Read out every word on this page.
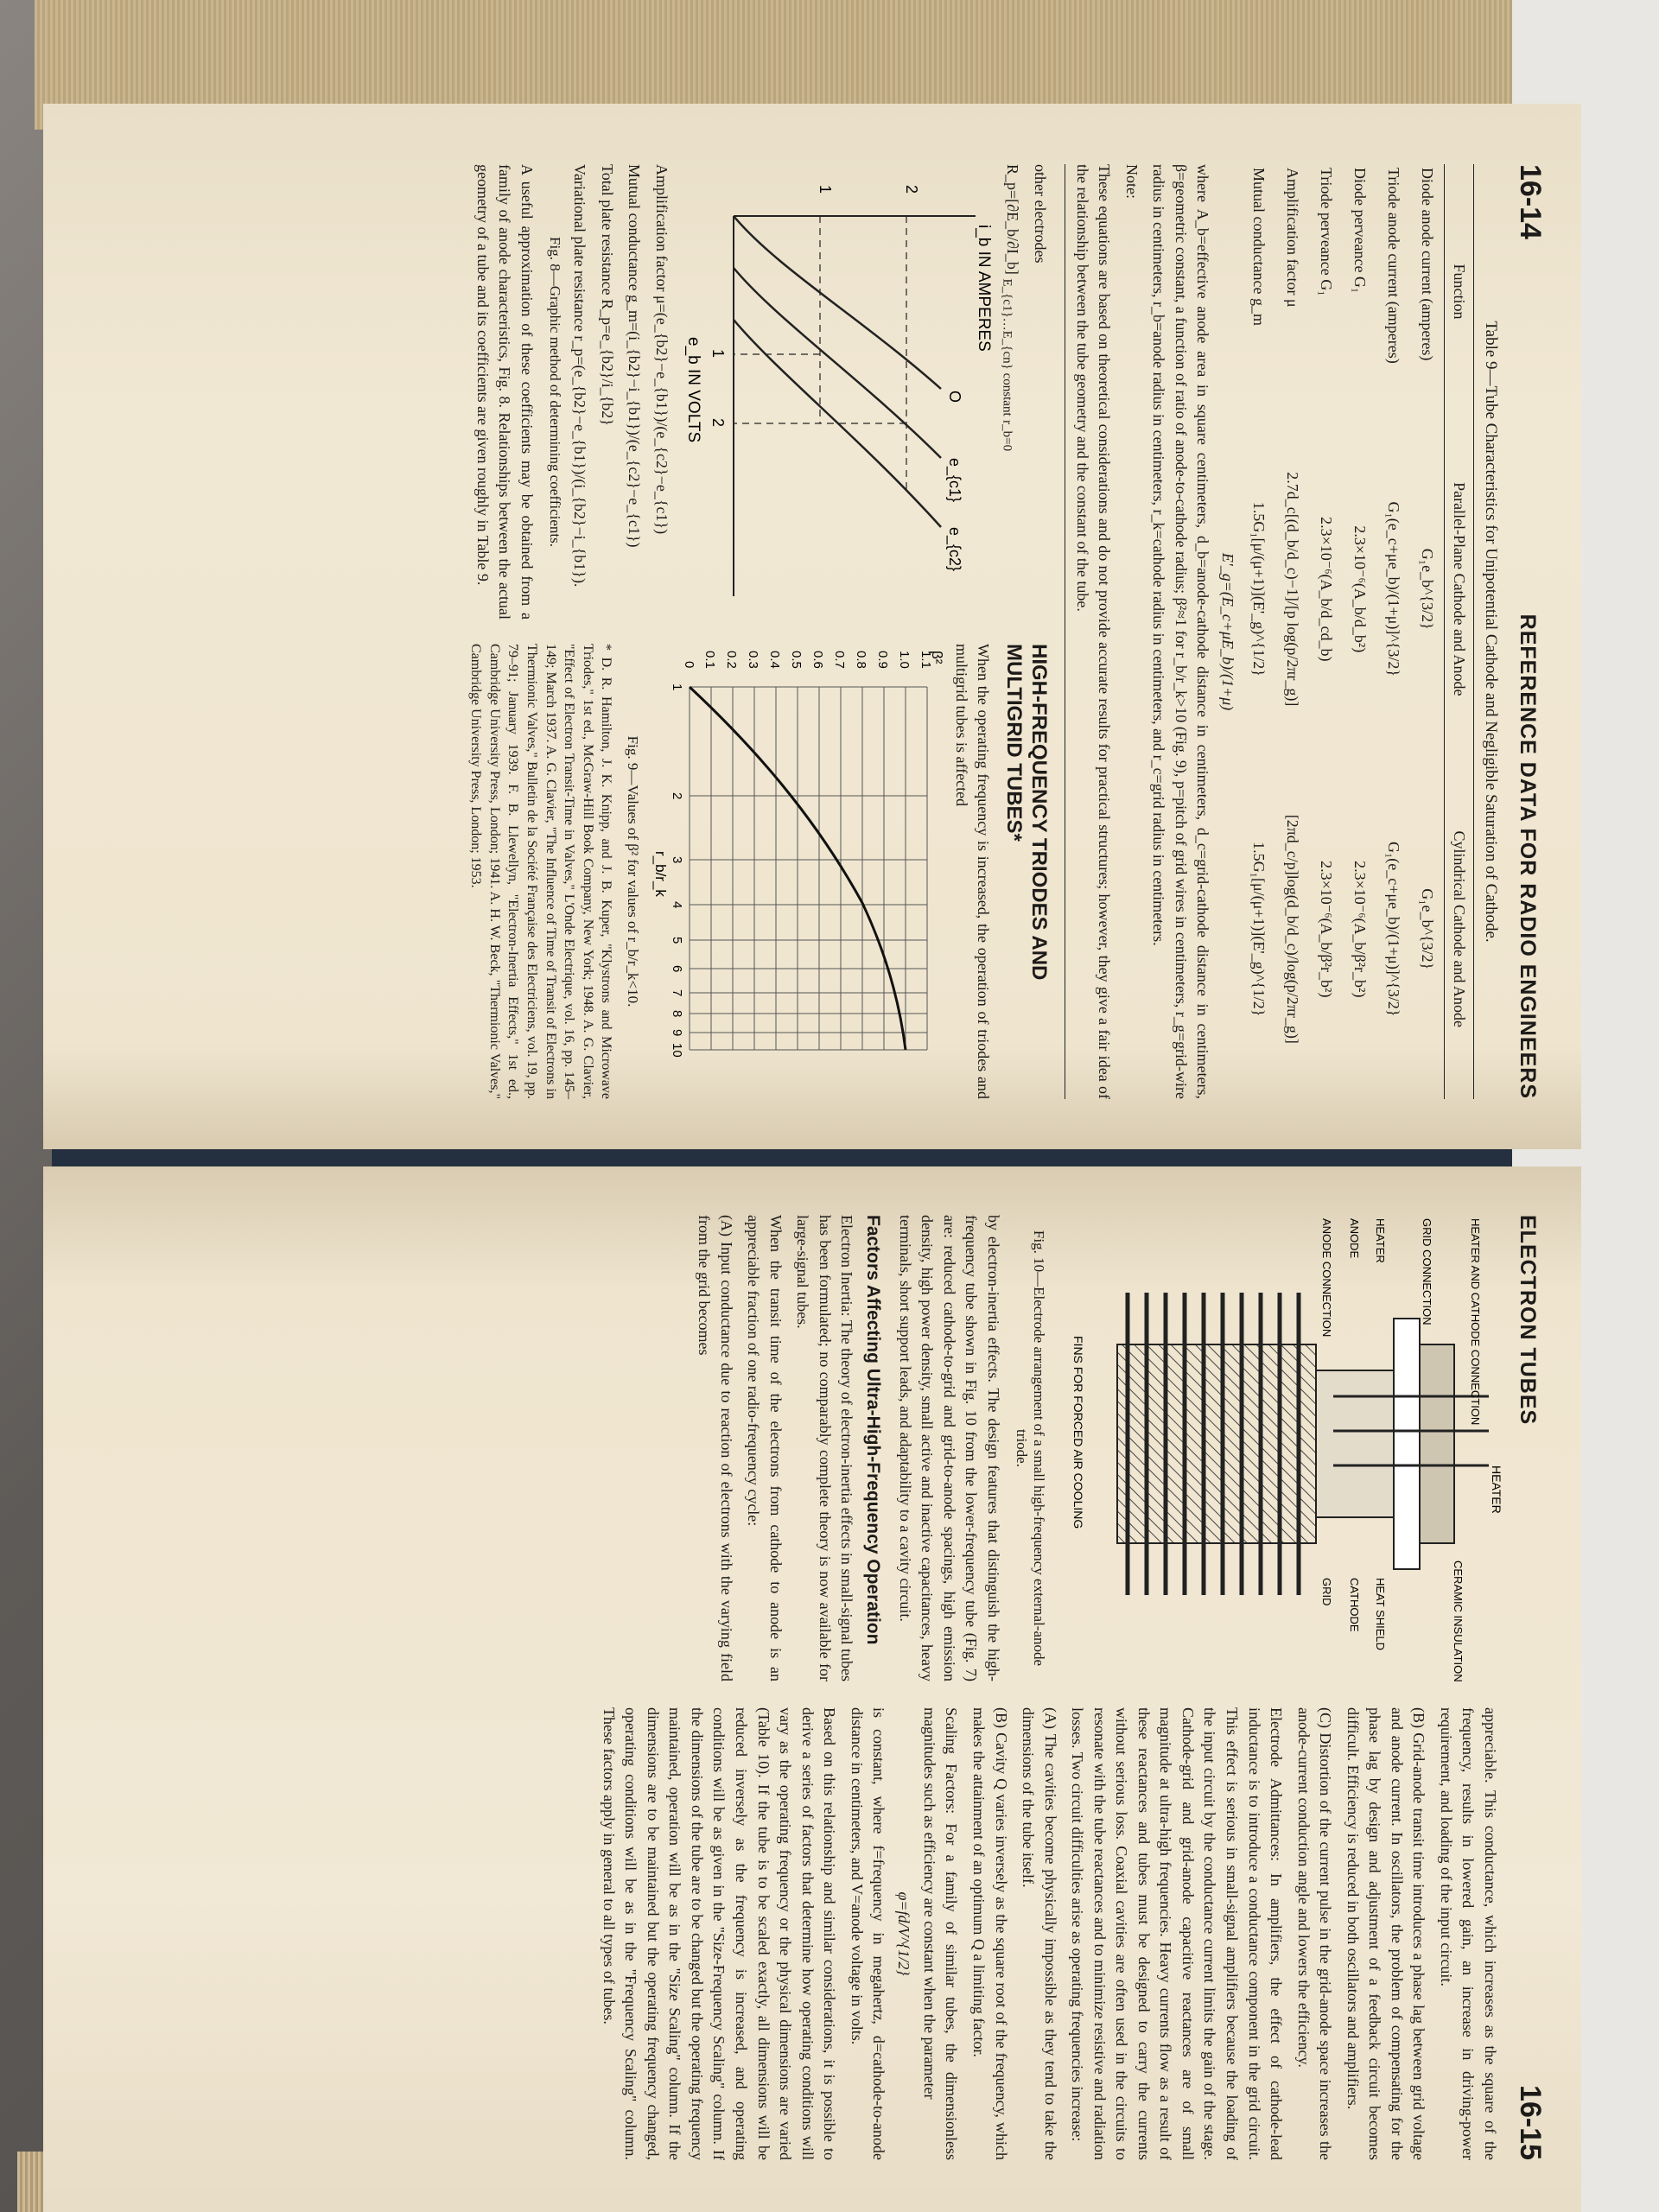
16-14
REFERENCE DATA FOR RADIO ENGINEERS
Table 9—Tube Characteristics for Unipotential Cathode and Negligible Saturation of Cathode.
Function	Parallel-Plane Cathode and Anode	Cylindrical Cathode and Anode
Diode anode current (amperes)	G₁e_b^{3/2}	G₁e_b^{3/2}
Triode anode current (amperes)	G₁(e_c+μe_b)/(1+μ)]^{3/2}	G₁(e_c+μe_b)/(1+μ)]^{3/2}
Diode perveance G₁	2.3×10⁻⁶(A_b/d_b²)	2.3×10⁻⁶(A_b/β²r_b²)
Triode perveance G₁	2.3×10⁻⁶(A_b/d_cd_b)	2.3×10⁻⁶(A_b/β²r_b²)
Amplification factor μ	2.7d_c[(d_b/d_c)−1]/[p log(p/2πr_g)]	[2πd_c/p]log(d_b/d_c)/log(p/2πr_g)]
Mutual conductance g_m	1.5G₁[μ/(μ+1)](E'_g)^{1/2}	1.5G₁[μ/(μ+1)](E'_g)^{1/2}
E'_g=(E_c+μE_b)/(1+μ)
where A_b=effective anode area in square centimeters, d_b=anode-cathode distance in centimeters, d_c=grid-cathode distance in centimeters, β=geometric constant, a function of ratio of anode-to-cathode radius; β²≈1 for r_b/r_k>10 (Fig. 9), p=pitch of grid wires in centimeters, r_g=grid-wire radius in centimeters, r_b=anode radius in centimeters, r_k=cathode radius in centimeters, and r_c=grid radius in centimeters.
Note:
These equations are based on theoretical considerations and do not provide accurate results for practical structures; however, they give a fair idea of the relationship between the tube geometry and the constant of the tube.
other electrodes
R_p=[∂E_b/∂I_b] $_{E\_\{c1\}\dots E\_\{cn\} constant}$ $_{r\_b=0}$
2
1
1
2
O
e_{c1}
e_{c2}
e_b IN VOLTS
i_b IN AMPERES
Amplification factor μ=(e_{b2}−e_{b1})/(e_{c2}−e_{c1})
Mutual conductance g_m=(i_{b2}−i_{b1})/(e_{c2}−e_{c1})
Total plate resistance R_p=e_{b2}/i_{b2}
Variational plate resistance r_p=(e_{b2}−e_{b1})/(i_{b2}−i_{b1}).
Fig. 8—Graphic method of determining coefficients.
A useful approximation of these coefficients may be obtained from a family of anode characteristics, Fig. 8. Relationships between the actual geometry of a tube and its coefficients are given roughly in Table 9.
HIGH-FREQUENCY TRIODES AND MULTIGRID TUBES*
When the operating frequency is increased, the operation of triodes and multigrid tubes is affected
1.1
1.0
0.9
0.8
0.7
0.6
0.5
0.4
0.3
0.2
0.1
0
1
2
3
4
5
6
7
8
9
10
r_b/r_k
β²
Fig. 9—Values of β² for values of r_b/r_k<10.
* D. R. Hamilton, J. K. Knipp, and J. B. Kuper, "Klystrons and Microwave Triodes," 1st ed., McGraw-Hill Book Company, New York; 1948. A. G. Clavier, "Effect of Electron Transit-Time in Valves," L'Onde Electrique, vol. 16, pp. 145–149; March 1937. A. G. Clavier, "The Influence of Time of Transit of Electrons in Thermionic Valves," Bulletin de la Société Française des Electriciens, vol. 19, pp. 79–91; January 1939. F. B. Llewellyn, "Electron-Inertia Effects," 1st ed., Cambridge University Press, London; 1941. A. H. W. Beck, "Thermionic Valves," Cambridge University Press, London; 1953.
ELECTRON TUBES
16-15
HEATER
HEATER AND CATHODE CONNECTION
CERAMIC INSULATION
GRID CONNECTION
HEAT SHIELD
HEATER
CATHODE
ANODE
GRID
ANODE CONNECTION
FINS FOR FORCED AIR COOLING
Fig. 10—Electrode arrangement of a small high-frequency external-anode triode.
by electron-inertia effects. The design features that distinguish the high-frequency tube shown in Fig. 10 from the lower-frequency tube (Fig. 7) are: reduced cathode-to-grid and grid-to-anode spacings, high emission density, high power density, small active and inactive capacitances, heavy terminals, short support leads, and adaptability to a cavity circuit.
Factors Affecting Ultra-High-Frequency Operation
Electron Inertia: The theory of electron-inertia effects in small-signal tubes has been formulated; no comparably complete theory is now available for large-signal tubes.
When the transit time of the electrons from cathode to anode is an appreciable fraction of one radio-frequency cycle:
(A) Input conductance due to reaction of electrons with the varying field from the grid becomes
appreciable. This conductance, which increases as the square of the frequency, results in lowered gain, an increase in driving-power requirement, and loading of the input circuit.
(B) Grid-anode transit time introduces a phase lag between grid voltage and anode current. In oscillators, the problem of compensating for the phase lag by design and adjustment of a feedback circuit becomes difficult. Efficiency is reduced in both oscillators and amplifiers.
(C) Distortion of the current pulse in the grid-anode space increases the anode-current conduction angle and lowers the efficiency.
Electrode Admittances: In amplifiers, the effect of cathode-lead inductance is to introduce a conductance component in the grid circuit. This effect is serious in small-signal amplifiers because the loading of the input circuit by the conductance current limits the gain of the stage. Cathode-grid and grid-anode capacitive reactances are of small magnitude at ultra-high frequencies. Heavy currents flow as a result of these reactances and tubes must be designed to carry the currents without serious loss. Coaxial cavities are often used in the circuits to resonate with the tube reactances and to minimize resistive and radiation losses. Two circuit difficulties arise as operating frequencies increase:
(A) The cavities become physically impossible as they tend to take the dimensions of the tube itself.
(B) Cavity Q varies inversely as the square root of the frequency, which makes the attainment of an optimum Q a limiting factor.
Scaling Factors: For a family of similar tubes, the dimensionless magnitudes such as efficiency are constant when the parameter
φ=fd/V^{1/2}
is constant, where f=frequency in megahertz, d=cathode-to-anode distance in centimeters, and V=anode voltage in volts.
Based on this relationship and similar considerations, it is possible to derive a series of factors that determine how operating conditions will vary as the operating frequency or the physical dimensions are varied (Table 10). If the tube is to be scaled exactly, all dimensions will be reduced inversely as the frequency is increased, and operating conditions will be as given in the "Size-Frequency Scaling" column. If the dimensions of the tube are to be changed but the operating frequency maintained, operation will be as in the "Size Scaling" column. If the dimensions are to be maintained but the operating frequency changed, operating conditions will be as in the "Frequency Scaling" column. These factors apply in general to all types of tubes.
